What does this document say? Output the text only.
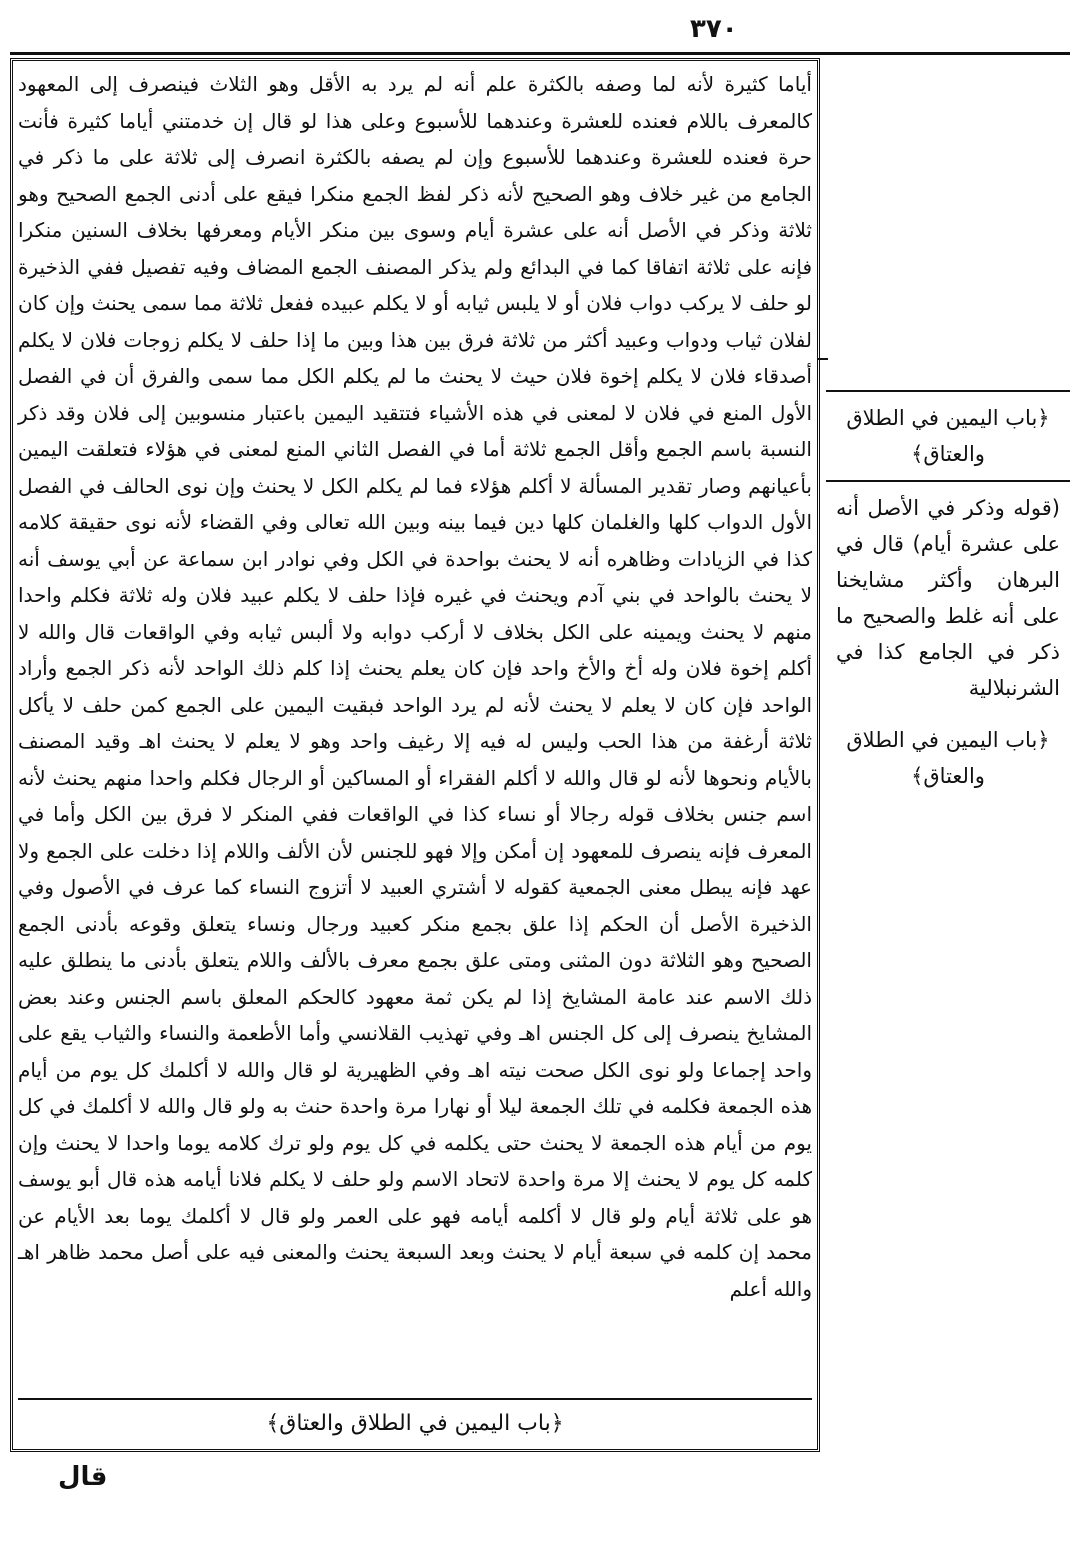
٣٧٠

أياما كثيرة لأنه لما وصفه بالكثرة علم أنه لم يرد به الأقل وهو الثلاث فينصرف إلى المعهود كالمعرف باللام فعنده للعشرة وعندهما للأسبوع وعلى هذا لو قال إن خدمتني أياما كثيرة فأنت حرة فعنده للعشرة وعندهما للأسبوع وإن لم يصفه بالكثرة انصرف إلى ثلاثة على ما ذكر في الجامع من غير خلاف وهو الصحيح لأنه ذكر لفظ الجمع منكرا فيقع على أدنى الجمع الصحيح وهو ثلاثة وذكر في الأصل أنه على عشرة أيام وسوى بين منكر الأيام ومعرفها بخلاف السنين منكرا فإنه على ثلاثة اتفاقا كما في البدائع ولم يذكر المصنف الجمع المضاف وفيه تفصيل ففي الذخيرة لو حلف لا يركب دواب فلان أو لا يلبس ثيابه أو لا يكلم عبيده ففعل ثلاثة مما سمى يحنث وإن كان لفلان ثياب ودواب وعبيد أكثر من ثلاثة فرق بين هذا وبين ما إذا حلف لا يكلم زوجات فلان لا يكلم أصدقاء فلان لا يكلم إخوة فلان حيث لا يحنث ما لم يكلم الكل مما سمى والفرق أن في الفصل الأول المنع في فلان لا لمعنى في هذه الأشياء فتتقيد اليمين باعتبار منسوبين إلى فلان وقد ذكر النسبة باسم الجمع وأقل الجمع ثلاثة أما في الفصل الثاني المنع لمعنى في هؤلاء فتعلقت اليمين بأعيانهم وصار تقدير المسألة لا أكلم هؤلاء فما لم يكلم الكل لا يحنث وإن نوى الحالف في الفصل الأول الدواب كلها والغلمان كلها دين فيما بينه وبين الله تعالى وفي القضاء لأنه نوى حقيقة كلامه كذا في الزيادات وظاهره أنه لا يحنث بواحدة في الكل وفي نوادر ابن سماعة عن أبي يوسف أنه لا يحنث بالواحد في بني آدم ويحنث في غيره فإذا حلف لا يكلم عبيد فلان وله ثلاثة فكلم واحدا منهم لا يحنث ويمينه على الكل بخلاف لا أركب دوابه ولا ألبس ثيابه وفي الواقعات قال والله لا أكلم إخوة فلان وله أخ والأخ واحد فإن كان يعلم يحنث إذا كلم ذلك الواحد لأنه ذكر الجمع وأراد الواحد فإن كان لا يعلم لا يحنث لأنه لم يرد الواحد فبقيت اليمين على الجمع كمن حلف لا يأكل ثلاثة أرغفة من هذا الحب وليس له فيه إلا رغيف واحد وهو لا يعلم لا يحنث اهـ وقيد المصنف بالأيام ونحوها لأنه لو قال والله لا أكلم الفقراء أو المساكين أو الرجال فكلم واحدا منهم يحنث لأنه اسم جنس بخلاف قوله رجالا أو نساء كذا في الواقعات ففي المنكر لا فرق بين الكل وأما في المعرف فإنه ينصرف للمعهود إن أمكن وإلا فهو للجنس لأن الألف واللام إذا دخلت على الجمع ولا عهد فإنه يبطل معنى الجمعية كقوله لا أشتري العبيد لا أتزوج النساء كما عرف في الأصول وفي الذخيرة الأصل أن الحكم إذا علق بجمع منكر كعبيد ورجال ونساء يتعلق وقوعه بأدنى الجمع الصحيح وهو الثلاثة دون المثنى ومتى علق بجمع معرف بالألف واللام يتعلق بأدنى ما ينطلق عليه ذلك الاسم عند عامة المشايخ إذا لم يكن ثمة معهود كالحكم المعلق باسم الجنس وعند بعض المشايخ ينصرف إلى كل الجنس اهـ وفي تهذيب القلانسي وأما الأطعمة والنساء والثياب يقع على واحد إجماعا ولو نوى الكل صحت نيته اهـ وفي الظهيرية لو قال والله لا أكلمك كل يوم من أيام هذه الجمعة فكلمه في تلك الجمعة ليلا أو نهارا مرة واحدة حنث به ولو قال والله لا أكلمك في كل يوم من أيام هذه الجمعة لا يحنث حتى يكلمه في كل يوم ولو ترك كلامه يوما واحدا لا يحنث وإن كلمه كل يوم لا يحنث إلا مرة واحدة لاتحاد الاسم ولو حلف لا يكلم فلانا أيامه هذه قال أبو يوسف هو على ثلاثة أيام ولو قال لا أكلمه أيامه فهو على العمر ولو قال لا أكلمك يوما بعد الأيام عن محمد إن كلمه في سبعة أيام لا يحنث وبعد السبعة يحنث والمعنى فيه على أصل محمد ظاهر اهـ والله أعلم

﴿باب اليمين في الطلاق والعتاق﴾
قال
﴿باب اليمين في الطلاق والعتاق﴾
(قوله وذكر في الأصل أنه على عشرة أيام) قال في البرهان وأكثر مشايخنا على أنه غلط والصحيح ما ذكر في الجامع كذا في الشرنبلالية
﴿باب اليمين في الطلاق والعتاق﴾
